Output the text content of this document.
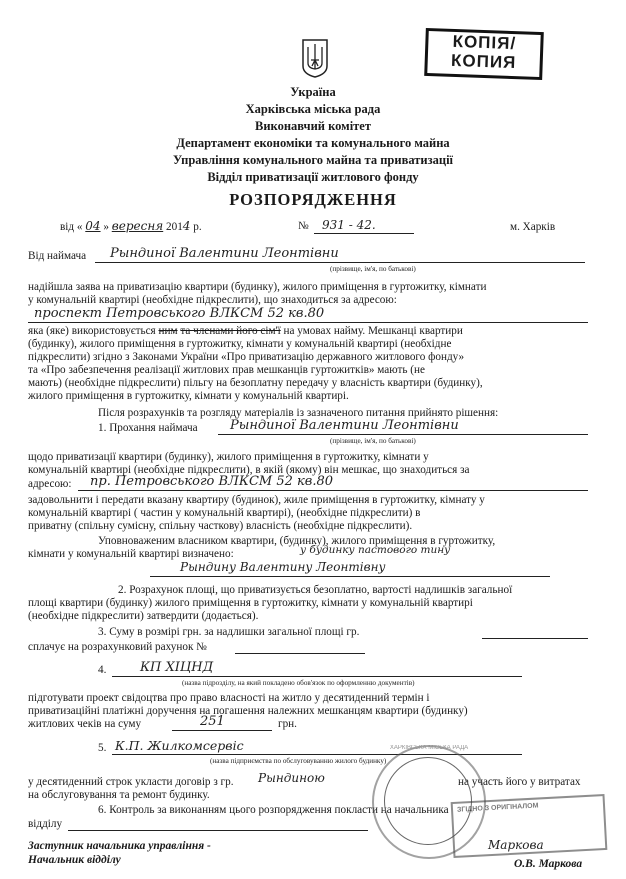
КОПІЯ/
КОПИЯ
Україна
Харківська міська рада
Виконавчий комітет
Департамент економіки та комунального майна
Управління комунального майна та приватизації
Відділ приватизації житлового фонду
РОЗПОРЯДЖЕННЯ
від « 04 » вересня 2014 р.	№ 931 - 42.	м. Харків
Від наймача Рындиної Валентини Леонтівни
(прізвище, ім'я, по батькові)
надійшла заява на приватизацію квартири (будинку), жилого приміщення в гуртожитку, кімнати
у комунальній квартирі (необхідне підкреслити), що знаходиться за адресою:
проспект Петровського ВЛКСМ 52 кв.80
яка (яке) використовується ним та членами його сім'ї на умовах найму. Мешканці квартири
(будинку), жилого приміщення в гуртожитку, кімнати у комунальній квартирі (необхідне
підкреслити) згідно з Законами України «Про приватизацію державного житлового фонду»
та «Про забезпечення реалізації житлових прав мешканців гуртожитків» мають (не
мають) (необхідне підкреслити) пільгу на безоплатну передачу у власність квартири (будинку),
жилого приміщення в гуртожитку, кімнати у комунальній квартирі.
Після розрахунків та розгляду матеріалів із зазначеного питання прийнято рішення:
1. Прохання наймача Рындиної Валентини Леонтівни
(прізвище, ім'я, по батькові)
щодо приватизації квартири (будинку), жилого приміщення в гуртожитку, кімнати у
комунальній квартирі (необхідне підкреслити), в якій (якому) він мешкає, що знаходиться за
адресою: пр. Петровського ВЛКСМ 52 кв.80
задовольнити і передати вказану квартиру (будинок), жиле приміщення в гуртожитку, кімнату у
комунальній квартирі ( частин у комунальній квартирі), (необхідне підкреслити) в
приватну (спільну сумісну, спільну часткову) власність (необхідне підкреслити).
Уповноваженим власником квартири, (будинку), жилого приміщення в гуртожитку,
кімнати у комунальній квартирі визначено:	у будинку пастового тину
Рындину Валентину Леонтівну
2. Розрахунок площі, що приватизується безоплатно, вартості надлишків загальної
площі квартири (будинку) жилого приміщення в гуртожитку, кімнати у комунальній квартирі
(необхідне підкреслити) затвердити (додається).
3. Суму в розмірі грн. за надлишки загальної площі гр.
сплачує на розрахунковий рахунок №
4.	КП ХІЦНД
(назва підрозділу, на який покладено обов'язок по оформленню документів)
підготувати проект свідоцтва про право власності на житло у десятиденний термін і
приватизаційні платіжні доручення на погашення належних мешканцям квартири (будинку)
житлових чеків на суму	251	грн.
5. К.П. Жилкомсервіс
(назва підприємства по обслуговуванню жилого будинку)
у десятиденний строк укласти договір з гр. Рындиною	на участь його у витратах
на обслуговування та ремонт будинку.
6. Контроль за виконанням цього розпорядження покласти на начальника
відділу
ХАРКІВСЬКА МІСЬКА РАДА
ЗГІДНО З ОРИГІНАЛОМ
Заступник начальника управління -
Начальник відділу
Маркова
О.В. Маркова
